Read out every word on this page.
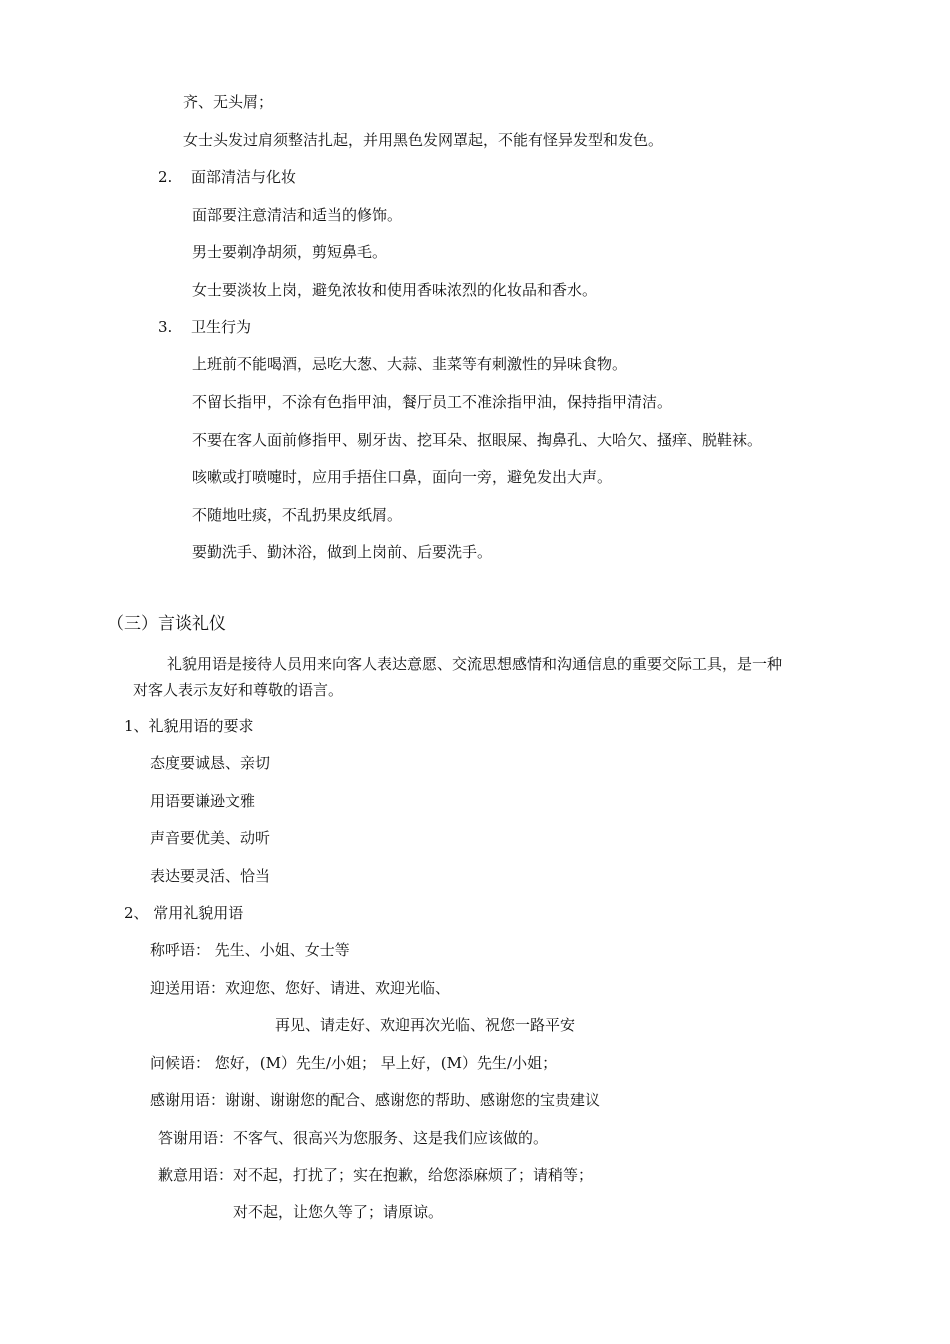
齐、无头屑；
女士头发过肩须整洁扎起，并用黑色发网罩起，不能有怪异发型和发色。
2. 面部清洁与化妆
面部要注意清洁和适当的修饰。
男士要剃净胡须，剪短鼻毛。
女士要淡妆上岗，避免浓妆和使用香味浓烈的化妆品和香水。
3. 卫生行为
上班前不能喝酒，忌吃大葱、大蒜、韭菜等有刺激性的异味食物。
不留长指甲，不涂有色指甲油，餐厅员工不准涂指甲油，保持指甲清洁。
不要在客人面前修指甲、剔牙齿、挖耳朵、抠眼屎、掏鼻孔、大哈欠、搔痒、脱鞋袜。
咳嗽或打喷嚏时，应用手捂住口鼻，面向一旁，避免发出大声。
不随地吐痰，不乱扔果皮纸屑。
要勤洗手、勤沐浴，做到上岗前、后要洗手。
（三）言谈礼仪
礼貌用语是接待人员用来向客人表达意愿、交流思想感情和沟通信息的重要交际工具，是一种
对客人表示友好和尊敬的语言。
1、礼貌用语的要求
态度要诚恳、亲切
用语要谦逊文雅
声音要优美、动听
表达要灵活、恰当
2、 常用礼貌用语
称呼语： 先生、小姐、女士等
迎送用语：欢迎您、您好、请进、欢迎光临、
再见、请走好、欢迎再次光临、祝您一路平安
问候语： 您好，(M）先生/小姐； 早上好，(M）先生/小姐；
感谢用语：谢谢、谢谢您的配合、感谢您的帮助、感谢您的宝贵建议
答谢用语：不客气、很高兴为您服务、这是我们应该做的。
歉意用语：对不起，打扰了；实在抱歉，给您添麻烦了；请稍等；
对不起，让您久等了；请原谅。
